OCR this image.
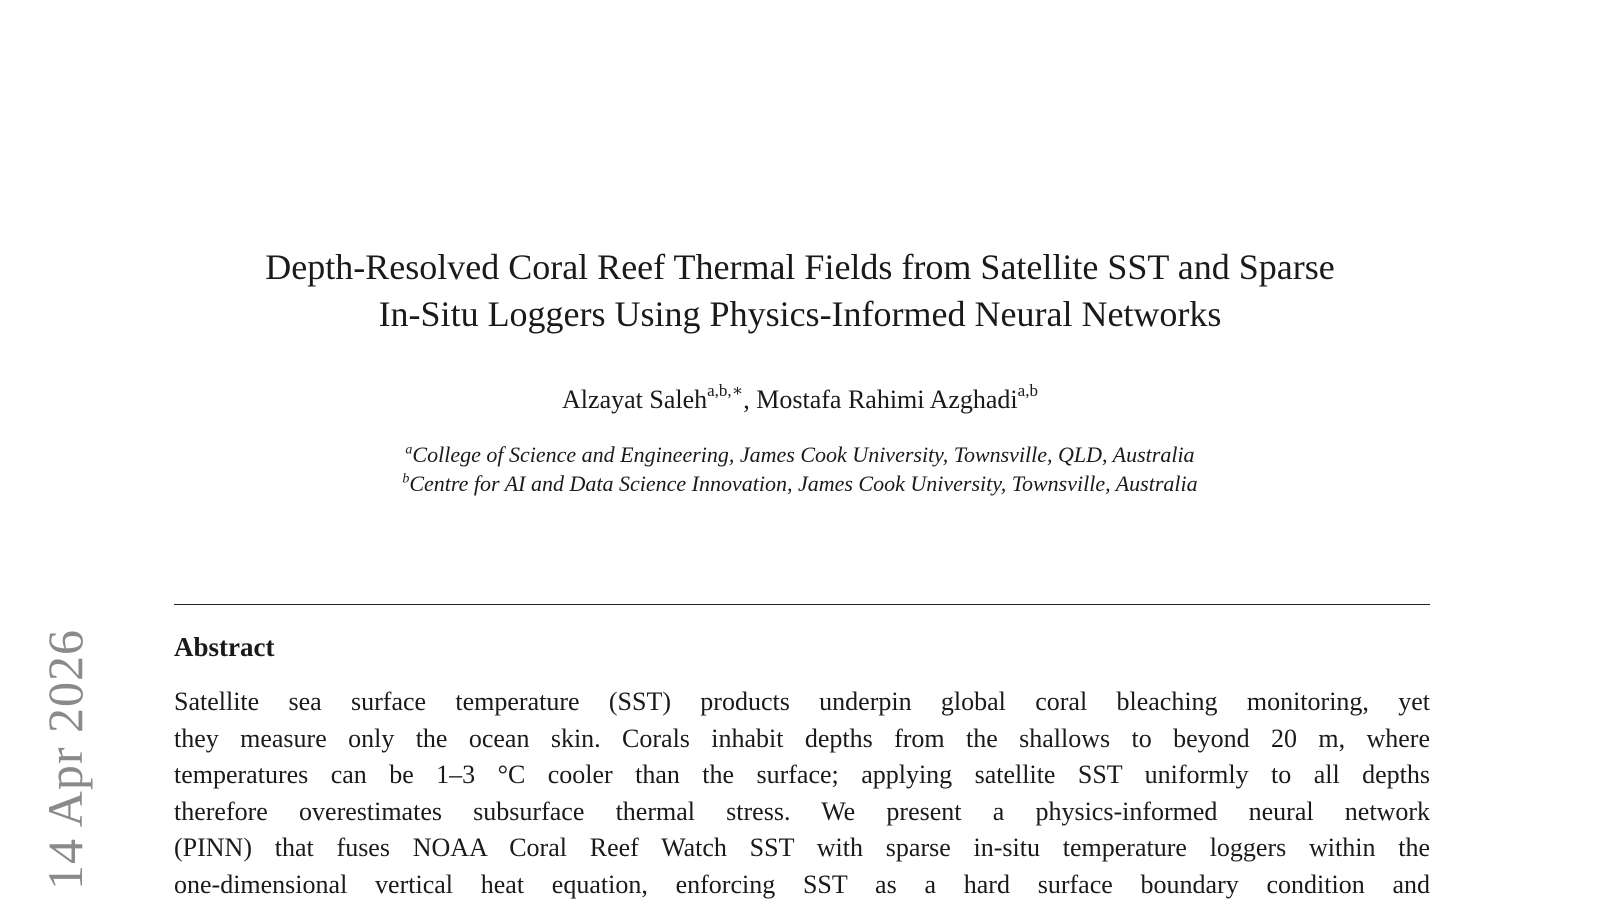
14 Apr 2026
Depth-Resolved Coral Reef Thermal Fields from Satellite SST and Sparse
In-Situ Loggers Using Physics-Informed Neural Networks
Alzayat Saleh$^{a,b,∗}$, Mostafa Rahimi Azghadi$^{a,b}$
$^a$College of Science and Engineering, James Cook University, Townsville, QLD, Australia
$^b$Centre for AI and Data Science Innovation, James Cook University, Townsville, Australia
Abstract
Satellite sea surface temperature (SST) products underpin global coral bleaching monitoring, yet
they measure only the ocean skin. Corals inhabit depths from the shallows to beyond 20 m, where
temperatures can be 1–3 °C cooler than the surface; applying satellite SST uniformly to all depths
therefore overestimates subsurface thermal stress. We present a physics-informed neural network
(PINN) that fuses NOAA Coral Reef Watch SST with sparse in-situ temperature loggers within the
one-dimensional vertical heat equation, enforcing SST as a hard surface boundary condition and
